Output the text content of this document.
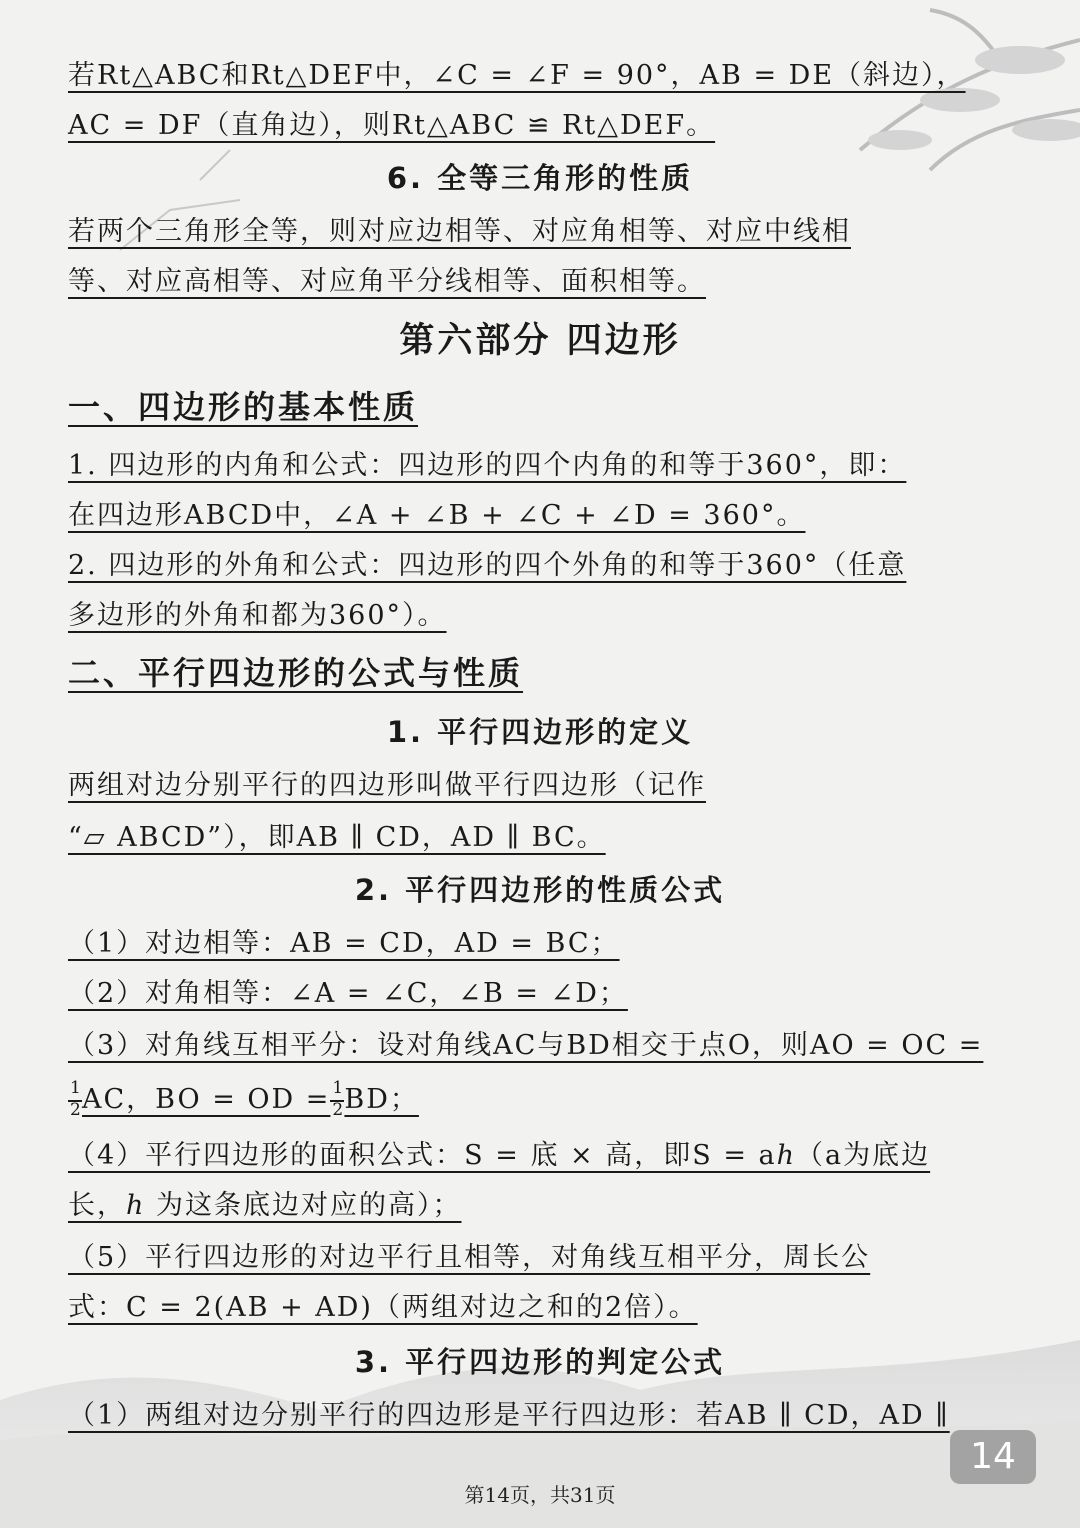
若Rt△ABC和Rt△DEF中，∠C = ∠F = 90°，AB = DE（斜边），
AC = DF（直角边），则Rt△ABC ≌ Rt△DEF。
6. 全等三角形的性质
若两个三角形全等，则对应边相等、对应角相等、对应中线相
等、对应高相等、对应角平分线相等、面积相等。
第六部分 四边形
一、四边形的基本性质
1. 四边形的内角和公式：四边形的四个内角的和等于360°，即：
在四边形ABCD中，∠A + ∠B + ∠C + ∠D = 360°。
2. 四边形的外角和公式：四边形的四个外角的和等于360°（任意
多边形的外角和都为360°）。
二、平行四边形的公式与性质
1. 平行四边形的定义
两组对边分别平行的四边形叫做平行四边形（记作
“▱ ABCD”），即AB ∥ CD，AD ∥ BC。
2. 平行四边形的性质公式
（1）对边相等：AB = CD，AD = BC；
（2）对角相等：∠A = ∠C，∠B = ∠D；
（3）对角线互相平分：设对角线AC与BD相交于点O，则AO = OC =
$\frac{1}{2}$ AC，BO = OD = $\frac{1}{2}$ BD；
（4）平行四边形的面积公式：S = 底 × 高，即S = aℎ（a为底边
长，ℎ 为这条底边对应的高）；
（5）平行四边形的对边平行且相等，对角线互相平分，周长公
式：C = 2(AB + AD)（两组对边之和的2倍）。
3. 平行四边形的判定公式
（1）两组对边分别平行的四边形是平行四边形：若AB ∥ CD，AD ∥
14
第14页，共31页
